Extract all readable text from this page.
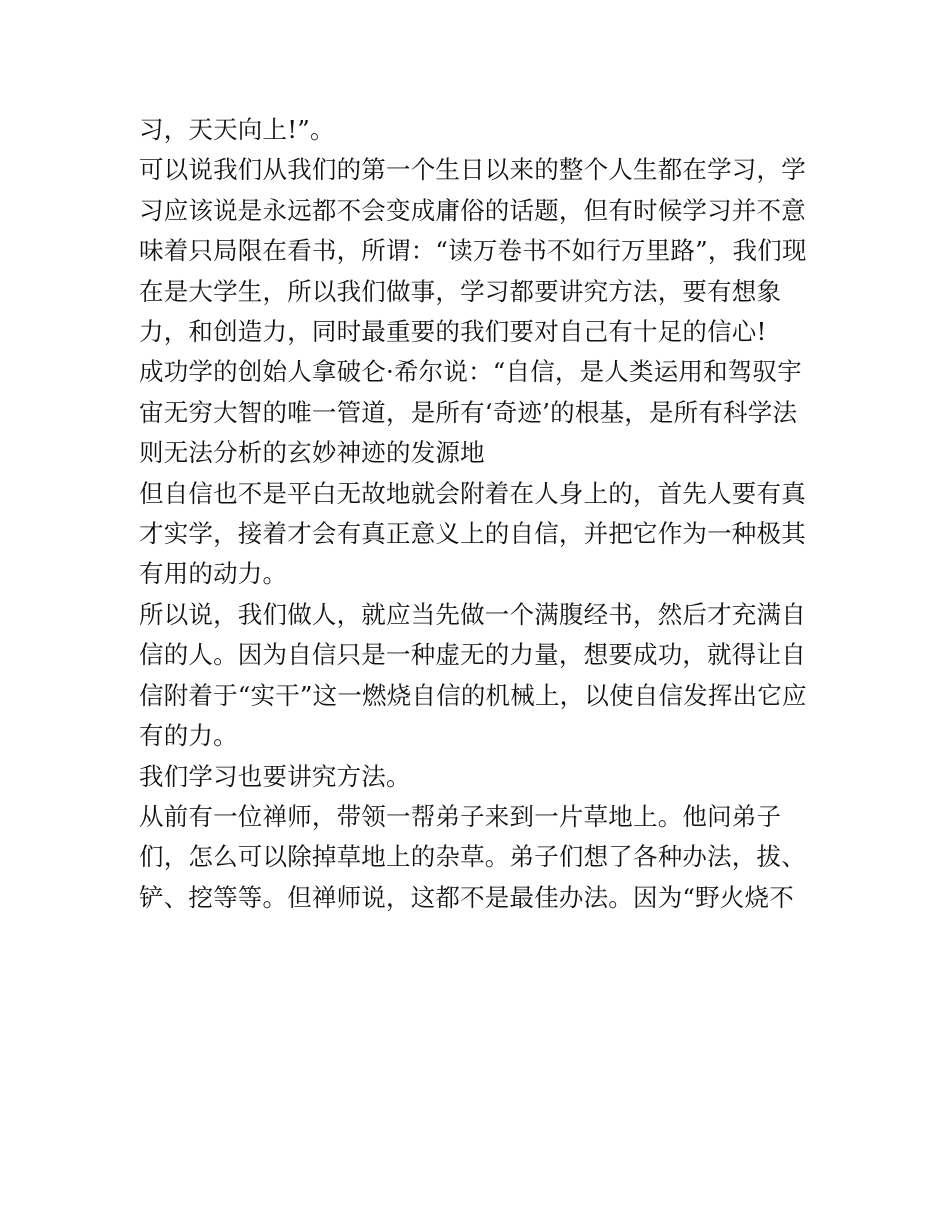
习，天天向上!”。
可以说我们从我们的第一个生日以来的整个人生都在学习，学
习应该说是永远都不会变成庸俗的话题，但有时候学习并不意
味着只局限在看书，所谓：“读万卷书不如行万里路”，我们现
在是大学生，所以我们做事，学习都要讲究方法，要有想象
力，和创造力，同时最重要的我们要对自己有十足的信心!
成功学的创始人拿破仑·希尔说：“自信，是人类运用和驾驭宇
宙无穷大智的唯一管道，是所有‘奇迹’的根基，是所有科学法
则无法分析的玄妙神迹的发源地
但自信也不是平白无故地就会附着在人身上的，首先人要有真
才实学，接着才会有真正意义上的自信，并把它作为一种极其
有用的动力。
所以说，我们做人，就应当先做一个满腹经书，然后才充满自
信的人。因为自信只是一种虚无的力量，想要成功，就得让自
信附着于“实干”这一燃烧自信的机械上，以使自信发挥出它应
有的力。
我们学习也要讲究方法。
从前有一位禅师，带领一帮弟子来到一片草地上。他问弟子
们，怎么可以除掉草地上的杂草。弟子们想了各种办法，拔、
铲、挖等等。但禅师说，这都不是最佳办法。因为“野火烧不
